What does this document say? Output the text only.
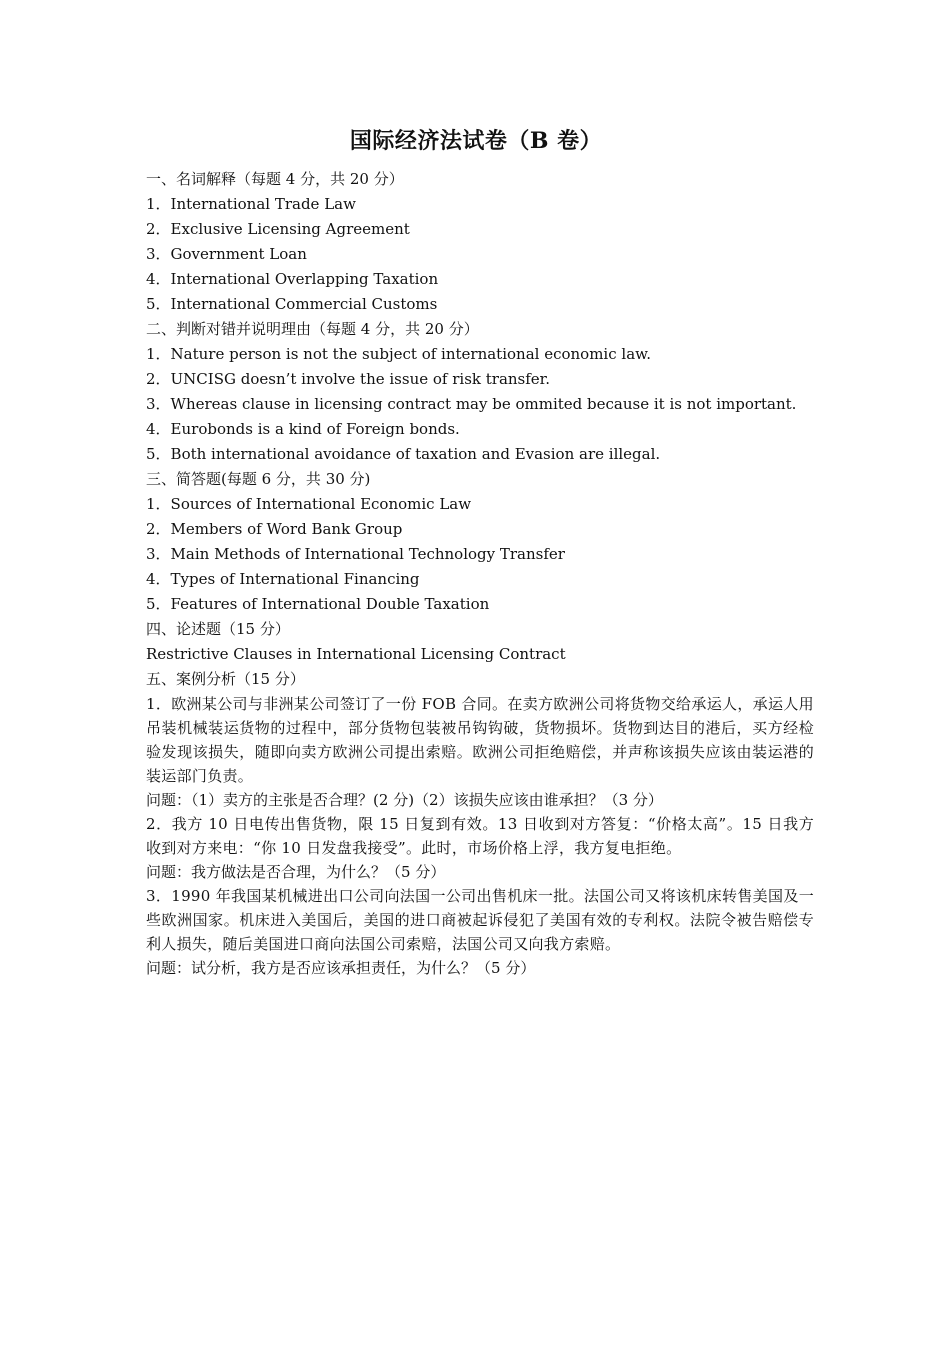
国际经济法试卷（B 卷）
一、名词解释（每题 4 分，共 20 分）
1．International Trade Law
2．Exclusive Licensing Agreement
3．Government Loan
4．International Overlapping Taxation
5．International Commercial Customs
二、判断对错并说明理由（每题 4 分，共 20 分）
1．Nature person is not the subject of international economic law.
2．UNCISG doesn’t involve the issue of risk transfer.
3．Whereas clause in licensing contract may be ommited because it is not important.
4．Eurobonds is a kind of Foreign bonds.
5．Both international avoidance of taxation and Evasion are illegal.
三、简答题(每题 6 分，共 30 分)
1．Sources of International Economic Law
2．Members of Word Bank Group
3．Main Methods of International Technology Transfer
4．Types of International Financing
5．Features of International Double Taxation
四、论述题（15 分）
Restrictive Clauses in International Licensing Contract
五、案例分析（15 分）
1．欧洲某公司与非洲某公司签订了一份 FOB 合同。在卖方欧洲公司将货物交给承运人，承运人用吊装机械装运货物的过程中，部分货物包装被吊钩钩破，货物损坏。货物到达目的港后，买方经检验发现该损失，随即向卖方欧洲公司提出索赔。欧洲公司拒绝赔偿，并声称该损失应该由装运港的装运部门负责。
问题：（1）卖方的主张是否合理？(2 分)（2）该损失应该由谁承担？（3 分）
2．我方 10 日电传出售货物，限 15 日复到有效。13 日收到对方答复：“价格太高”。15 日我方收到对方来电：“你 10 日发盘我接受”。此时，市场价格上浮，我方复电拒绝。
问题：我方做法是否合理，为什么？（5 分）
3．1990 年我国某机械进出口公司向法国一公司出售机床一批。法国公司又将该机床转售美国及一些欧洲国家。机床进入美国后，美国的进口商被起诉侵犯了美国有效的专利权。法院令被告赔偿专利人损失，随后美国进口商向法国公司索赔，法国公司又向我方索赔。
问题：试分析，我方是否应该承担责任，为什么？（5 分）
